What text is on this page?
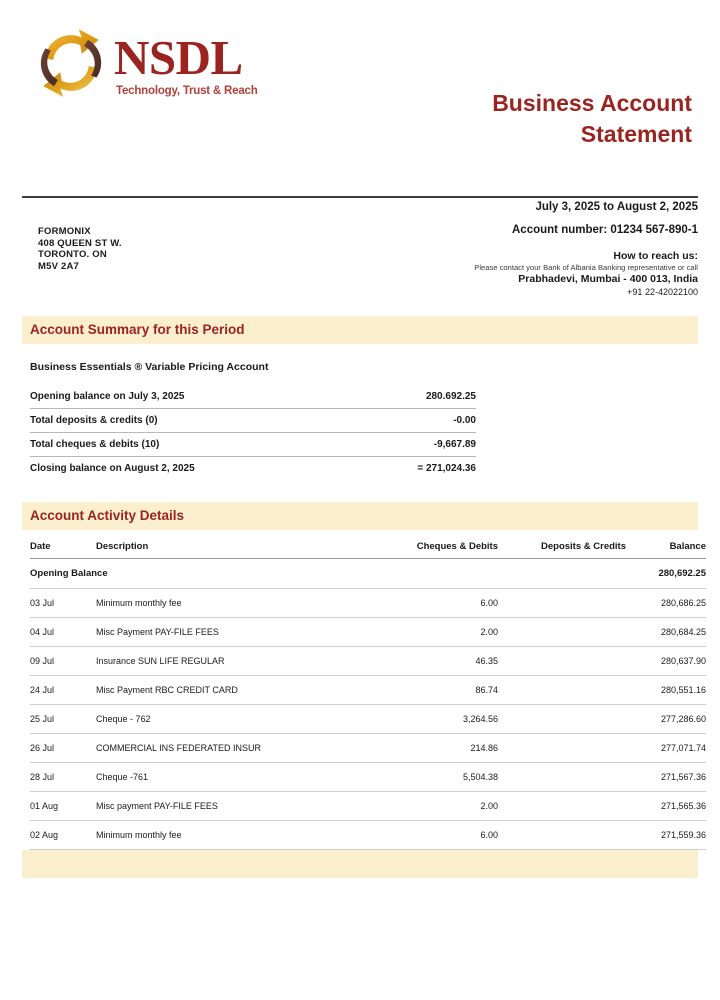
NSDL
Technology, Trust & Reach	Business Account
Statement
FORMONIX
408 QUEEN ST W.
TORONTO. ON
M5V 2A7
July 3, 2025 to August 2, 2025
Account number: 01234 567-890-1
How to reach us:
Please contact your Bank of Albania Banking representative or call
Prabhadevi, Mumbai - 400 013, India
+91 22-42022100
Account Summary for this Period
Business Essentials ® Variable Pricing Account
Opening balance on July 3, 2025	280.692.25
Total deposits & credits (0)	-0.00
Total cheques & debits (10)	-9,667.89
Closing balance on August 2, 2025	= 271,024.36
Account Activity Details
Date	Description	Cheques & Debits	Deposits & Credits	Balance
Opening Balance				280,692.25
03 Jul	Minimum monthly fee	6.00		280,686.25
04 Jul	Misc Payment PAY-FILE FEES	2.00		280,684.25
09 Jul	Insurance SUN LIFE REGULAR	46.35		280,637.90
24 Jul	Misc Payment RBC CREDIT CARD	86.74		280,551.16
25 Jul	Cheque - 762	3,264.56		277,286.60
26 Jul	COMMERCIAL INS FEDERATED INSUR	214.86		277,071.74
28 Jul	Cheque -761	5,504.38		271,567.36
01 Aug	Misc payment PAY-FILE FEES	2.00		271,565.36
02 Aug	Minimum monthly fee	6.00		271,559.36
